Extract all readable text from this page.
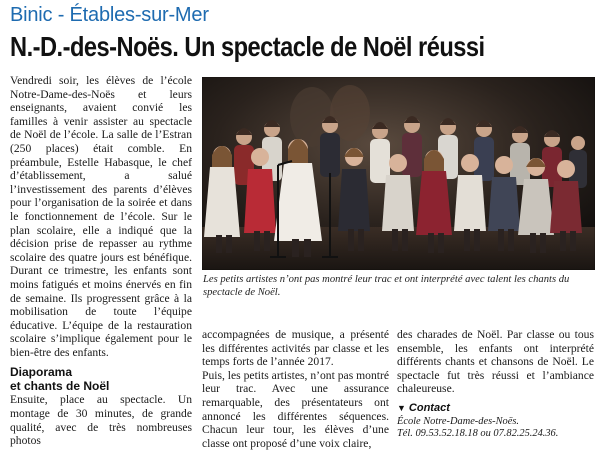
Binic - Étables-sur-Mer
N.-D.-des-Noës. Un spectacle de Noël réussi

Vendredi soir, les élèves de l’école Notre-Dame-des-Noës et leurs enseignants, avaient convié les familles à venir assister au spectacle de Noël de l’école. La salle de l’Estran (250 places) était comble. En préambule, Estelle Habasque, le chef d’établissement, a salué l’investissement des parents d’élèves pour l’organisation de la soirée et dans le fonctionnement de l’école. Sur le plan scolaire, elle a indiqué que la décision prise de repasser au rythme scolaire des quatre jours est bénéfique. Durant ce trimestre, les enfants sont moins fatigués et moins énervés en fin de semaine. Ils progressent grâce à la mobilisation de toute l’équipe éducative. L’équipe de la restauration scolaire s’implique également pour le bien-être des enfants.

Diaporama
et chants de Noël

Ensuite, place au spectacle. Un montage de 30 minutes, de grande qualité, avec de très nombreuses photos

Les petits artistes n’ont pas montré leur trac et ont interprété avec talent les chants du spectacle de Noël.

accompagnées de musique, a présenté les différentes activités par classe et les temps forts de l’année 2017.

Puis, les petits artistes, n’ont pas montré leur trac. Avec une assurance remarquable, des présentateurs ont annoncé les différentes séquences. Chacun leur tour, les élèves d’une classe ont proposé d’une voix claire,

des charades de Noël. Par classe ou tous ensemble, les enfants ont interprété différents chants et chansons de Noël. Le spectacle fut très réussi et l’ambiance chaleureuse.

▼ Contact

École Notre-Dame-des-Noës.

Tél. 09.53.52.18.18 ou 07.82.25.24.36.
